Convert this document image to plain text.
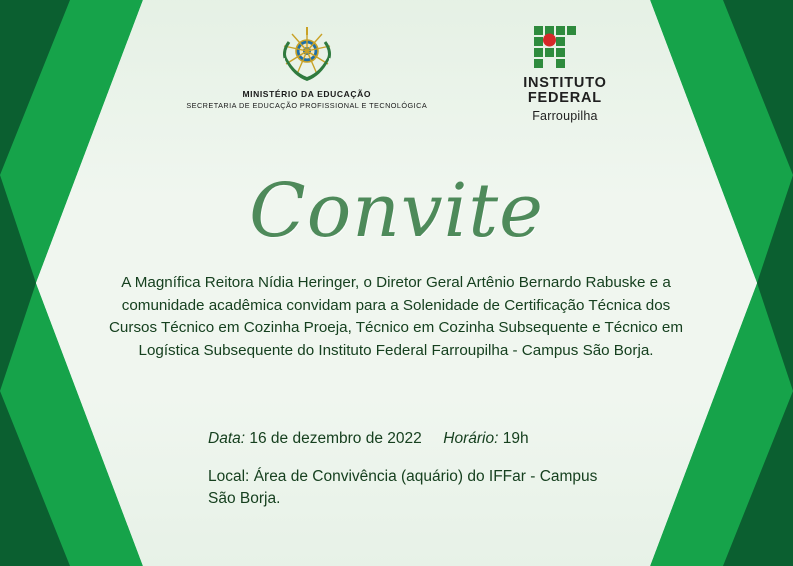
MINISTÉRIO DA EDUCAÇÃO
SECRETARIA DE EDUCAÇÃO PROFISSIONAL E TECNOLÓGICA
INSTITUTO
FEDERAL
Farroupilha
Convite
A Magnífica Reitora Nídia Heringer, o Diretor Geral Artênio Bernardo Rabuske e a comunidade acadêmica convidam para a Solenidade de Certificação Técnica dos Cursos Técnico em Cozinha Proeja, Técnico em Cozinha Subsequente e Técnico em Logística Subsequente do Instituto Federal Farroupilha - Campus São Borja.
Data: 16 de dezembro de 2022 Horário: 19h
Local: Área de Convivência (aquário) do IFFar - Campus São Borja.
